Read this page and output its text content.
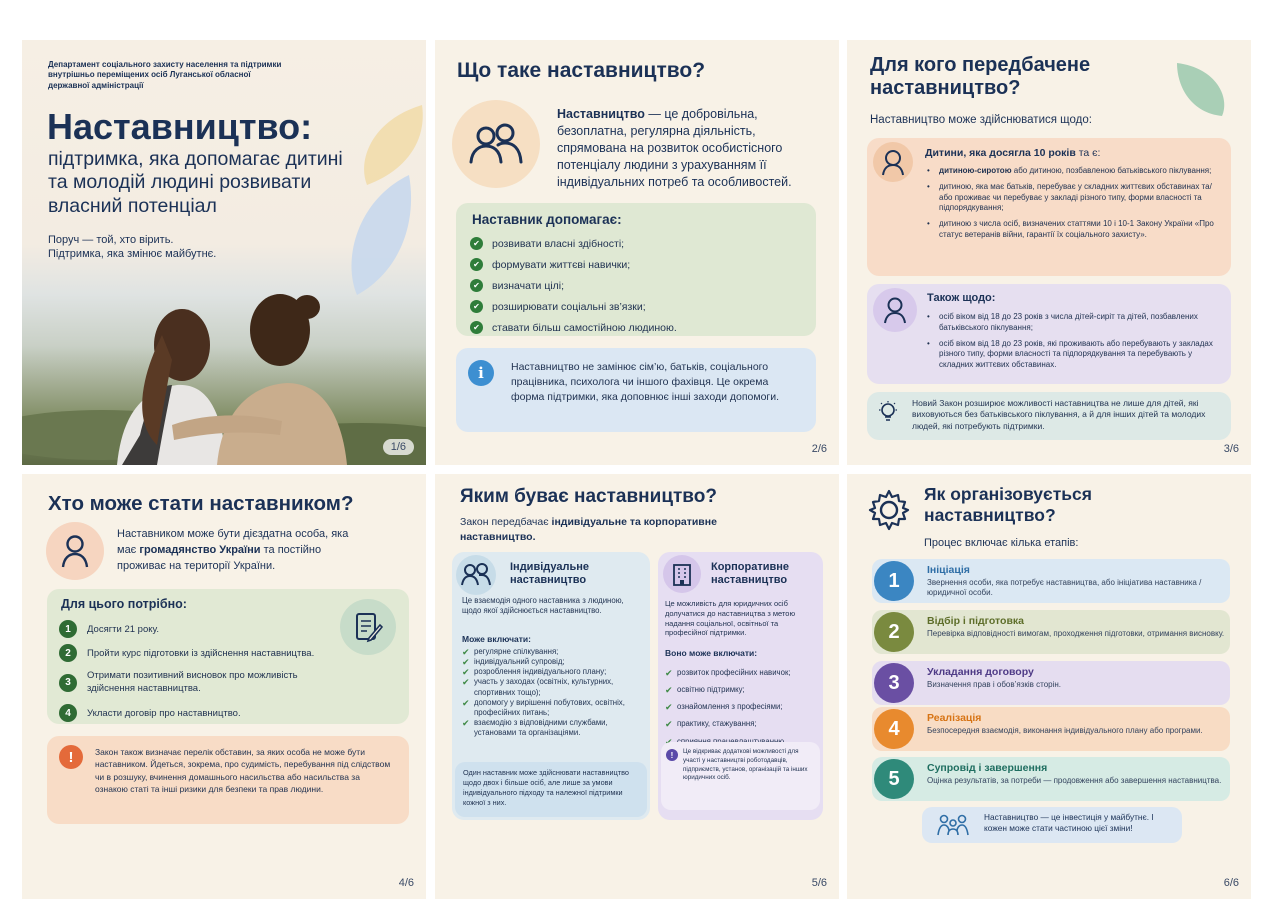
Департамент соціального захисту населення та підтримки внутрішньо переміщених осіб Луганської обласної державної адміністрації
Наставництво:
підтримка, яка допомагає дитині та молодій людині розвивати власний потенціал
Поруч — той, хто вірить.
Підтримка, яка змінює майбутнє.
1/6
Що таке наставництво?
Наставництво — це добровільна, безоплатна, регулярна діяльність, спрямована на розвиток особистісного потенціалу людини з урахуванням її індивідуальних потреб та особливостей.
Наставник допомагає:
✔	розвивати власні здібності;
✔	формувати життєві навички;
✔	визначати цілі;
✔	розширювати соціальні зв’язки;
✔	ставати більш самостійною людиною.
i	Наставництво не замінює сім’ю, батьків, соціального працівника, психолога чи іншого фахівця. Це окрема форма підтримки, яка доповнює інші заходи допомоги.
2/6
Для кого передбачене наставництво?
Наставництво може здійснюватися щодо:
Дитини, яка досягла 10 років та є:
• дитиною-сиротою або дитиною, позбавленою батьківського піклування;
• дитиною, яка має батьків, перебуває у складних життєвих обставинах та/або проживає чи перебуває у закладі різного типу, форми власності та підпорядкування;
• дитиною з числа осіб, визначених статтями 10 і 10-1 Закону України «Про статус ветеранів війни, гарантії їх соціального захисту».
Також щодо:
• осіб віком від 18 до 23 років з числа дітей-сиріт та дітей, позбавлених батьківського піклування;
• осіб віком від 18 до 23 років, які проживають або перебувають у закладах різного типу, форми власності та підпорядкування та перебувають у складних життєвих обставинах.
Новий Закон розширює можливості наставництва не лише для дітей, які виховуються без батьківського піклування, а й для інших дітей та молодих людей, які потребують підтримки.
3/6
Хто може стати наставником?
Наставником може бути дієздатна особа, яка має громадянство України та постійно проживає на території України.
Для цього потрібно:
1	Досягти 21 року.
2	Пройти курс підготовки із здійснення наставництва.
3
Отримати позитивний висновок про можливість здійснення наставництва.
4	Укласти договір про наставництво.
!	Закон також визначає перелік обставин, за яких особа не може бути наставником. Йдеться, зокрема, про судимість, перебування під слідством чи в розшуку, вчинення домашнього насильства або насильства за ознакою статі та інші ризики для безпеки та прав людини.
4/6
Яким буває наставництво?
Закон передбачає індивідуальне та корпоративне наставництво.
Індивідуальне наставництво
Це взаємодія одного наставника з людиною, щодо якої здійснюється наставництво.
Може включати:
✔ регулярне спілкування;
✔ індивідуальний супровід;
✔ розроблення індивідуального плану;
✔ участь у заходах (освітніх, культурних, спортивних тощо);
✔ допомогу у вирішенні побутових, освітніх, професійних питань;
✔ взаємодію з відповідними службами, установами та організаціями.
Один наставник може здійснювати наставництво щодо двох і більше осіб, але лише за умови індивідуального підходу та належної підтримки кожної з них.
Корпоративне наставництво
Це можливість для юридичних осіб долучатися до наставництва з метою надання соціальної, освітньої та професійної підтримки.
Воно може включати:
✔ розвиток професійних навичок;
✔ освітню підтримку;
✔ ознайомлення з професіями;
✔ практику, стажування;
✔
!	Це відкриває додаткові можливості для участі у наставництві роботодавців, підприємств, установ, організацій та інших юридичних осіб.
5/6
Як організовується наставництво?
Процес включає кілька етапів:
1	Ініціація
Звернення особи, яка потребує наставництва, або ініціатива наставника / юридичної особи.
2	Відбір і підготовка
Перевірка відповідності вимогам, проходження підготовки, отримання висновку.
3	Укладання договору
Визначення прав і обов’язків сторін.
4	Реалізація
Безпосередня взаємодія, виконання індивідуального плану або програми.
5	Супровід і завершення
Оцінка результатів, за потреби — продовження або завершення наставництва.
Наставництво — це інвестиція у майбутнє. І кожен може стати частиною цієї зміни!
6/6
